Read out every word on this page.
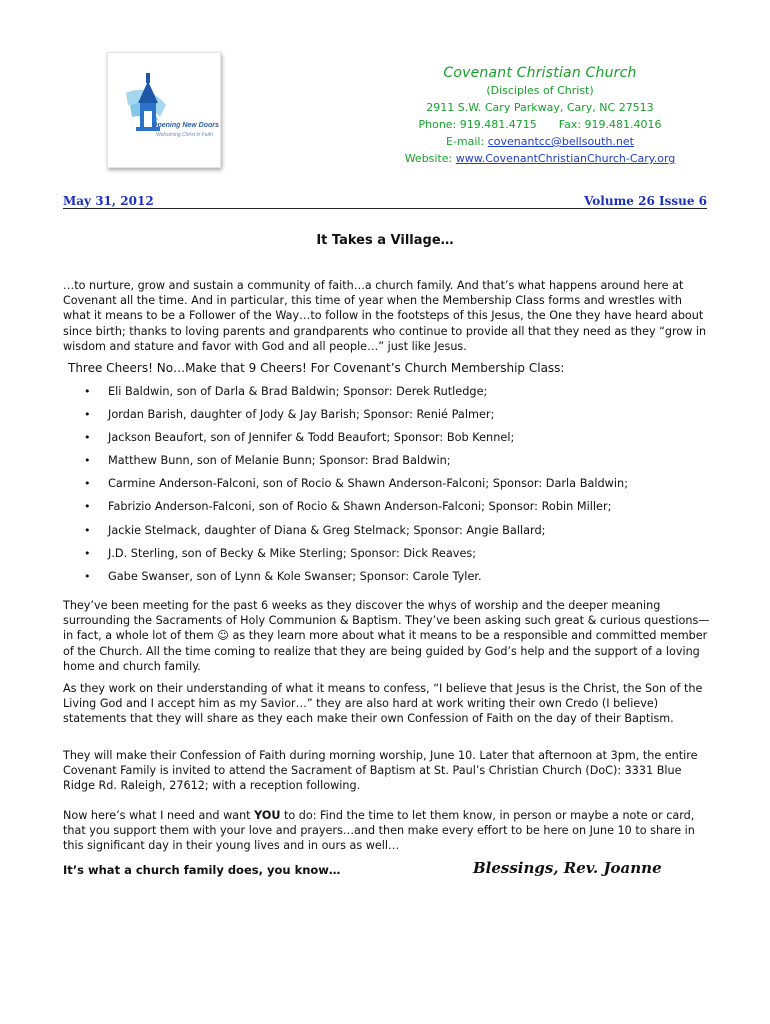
Opening New Doors
Welcoming Christ in Faith
Covenant Christian Church
(Disciples of Christ)
2911 S.W. Cary Parkway, Cary, NC 27513
Phone: 919.481.4715 Fax: 919.481.4016
E-mail: covenantcc@bellsouth.net
Website: www.CovenantChristianChurch-Cary.org
May 31, 2012	Volume 26 Issue 6
It Takes a Village…
…to nurture, grow and sustain a community of faith…a church family. And that’s what happens around here at Covenant all the time. And in particular, this time of year when the Membership Class forms and wrestles with what it means to be a Follower of the Way…to follow in the footsteps of this Jesus, the One they have heard about since birth; thanks to loving parents and grandparents who continue to provide all that they need as they “grow in wisdom and stature and favor with God and all people…” just like Jesus.
Three Cheers! No…Make that 9 Cheers! For Covenant’s Church Membership Class:
• Eli Baldwin, son of Darla & Brad Baldwin; Sponsor: Derek Rutledge;
• Jordan Barish, daughter of Jody & Jay Barish; Sponsor: Renié Palmer;
• Jackson Beaufort, son of Jennifer & Todd Beaufort; Sponsor: Bob Kennel;
• Matthew Bunn, son of Melanie Bunn; Sponsor: Brad Baldwin;
• Carmine Anderson-Falconi, son of Rocio & Shawn Anderson-Falconi; Sponsor: Darla Baldwin;
• Fabrizio Anderson-Falconi, son of Rocio & Shawn Anderson-Falconi; Sponsor: Robin Miller;
• Jackie Stelmack, daughter of Diana & Greg Stelmack; Sponsor: Angie Ballard;
• J.D. Sterling, son of Becky & Mike Sterling; Sponsor: Dick Reaves;
• Gabe Swanser, son of Lynn & Kole Swanser; Sponsor: Carole Tyler.
They’ve been meeting for the past 6 weeks as they discover the whys of worship and the deeper meaning surrounding the Sacraments of Holy Communion & Baptism. They’ve been asking such great & curious questions—in fact, a whole lot of them ☺ as they learn more about what it means to be a responsible and committed member of the Church. All the time coming to realize that they are being guided by God’s help and the support of a loving home and church family.
As they work on their understanding of what it means to confess, “I believe that Jesus is the Christ, the Son of the Living God and I accept him as my Savior…” they are also hard at work writing their own Credo (I believe) statements that they will share as they each make their own Confession of Faith on the day of their Baptism.
They will make their Confession of Faith during morning worship, June 10. Later that afternoon at 3pm, the entire Covenant Family is invited to attend the Sacrament of Baptism at St. Paul’s Christian Church (DoC): 3331 Blue Ridge Rd. Raleigh, 27612; with a reception following.
Now here’s what I need and want YOU to do: Find the time to let them know, in person or maybe a note or card, that you support them with your love and prayers…and then make every effort to be here on June 10 to share in this significant day in their young lives and in ours as well…
It’s what a church family does, you know…	Blessings, Rev. Joanne
